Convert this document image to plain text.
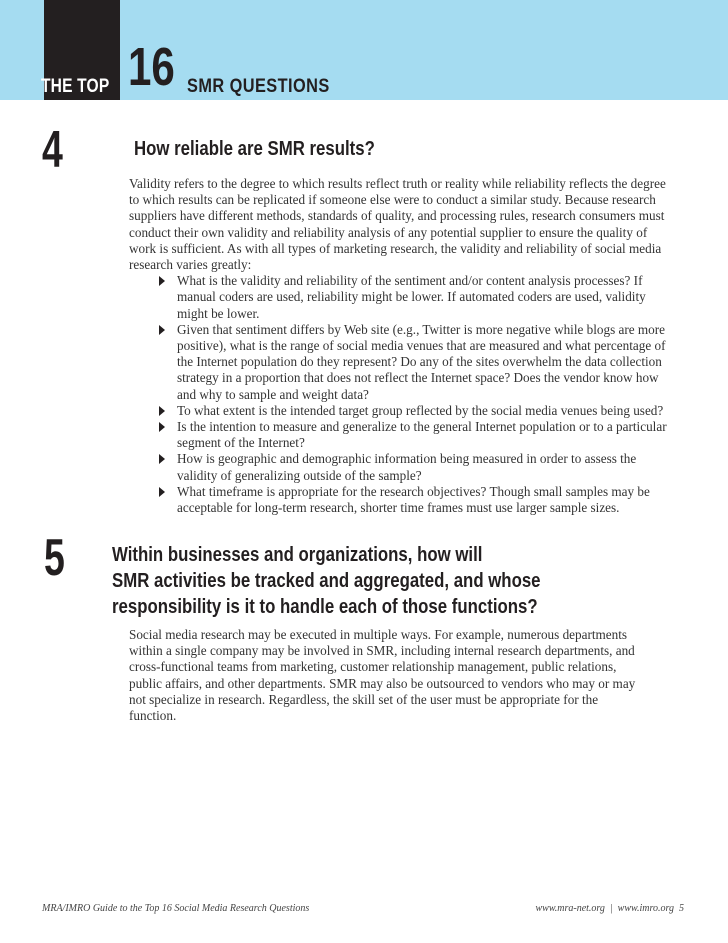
THE TOP 16 SMR QUESTIONS
4	How reliable are SMR results?

Validity refers to the degree to which results reflect truth or reality while reliability reflects the degree to which results can be replicated if someone else were to conduct a similar study. Because research suppliers have different methods, standards of quality, and processing rules, research consumers must conduct their own validity and reliability analysis of any potential supplier to ensure the quality of work is sufficient. As with all types of marketing research, the validity and reliability of social media research varies greatly:

What is the validity and reliability of the sentiment and/or content analysis processes? If manual coders are used, reliability might be lower. If automated coders are used, validity might be lower.
Given that sentiment differs by Web site (e.g., Twitter is more negative while blogs are more positive), what is the range of social media venues that are measured and what percentage of the Internet population do they represent? Do any of the sites overwhelm the data collection strategy in a proportion that does not reflect the Internet space? Does the vendor know how and why to sample and weight data?
To what extent is the intended target group reflected by the social media venues being used?
Is the intention to measure and generalize to the general Internet population or to a particular segment of the Internet?
How is geographic and demographic information being measured in order to assess the validity of generalizing outside of the sample?
What timeframe is appropriate for the research objectives? Though small samples may be acceptable for long-term research, shorter time frames must use larger sample sizes.
5 Within businesses and organizations, how will
SMR activities be tracked and aggregated, and whose
responsibility is it to handle each of those functions?

Social media research may be executed in multiple ways. For example, numerous departments within a single company may be involved in SMR, including internal research departments, and cross-functional teams from marketing, customer relationship management, public relations, public affairs, and other departments. SMR may also be outsourced to vendors who may or may not specialize in research. Regardless, the skill set of the user must be appropriate for the function.

MRA/IMRO Guide to the Top 16 Social Media Research Questions	www.mra-net.org  |  www.imro.org  5
